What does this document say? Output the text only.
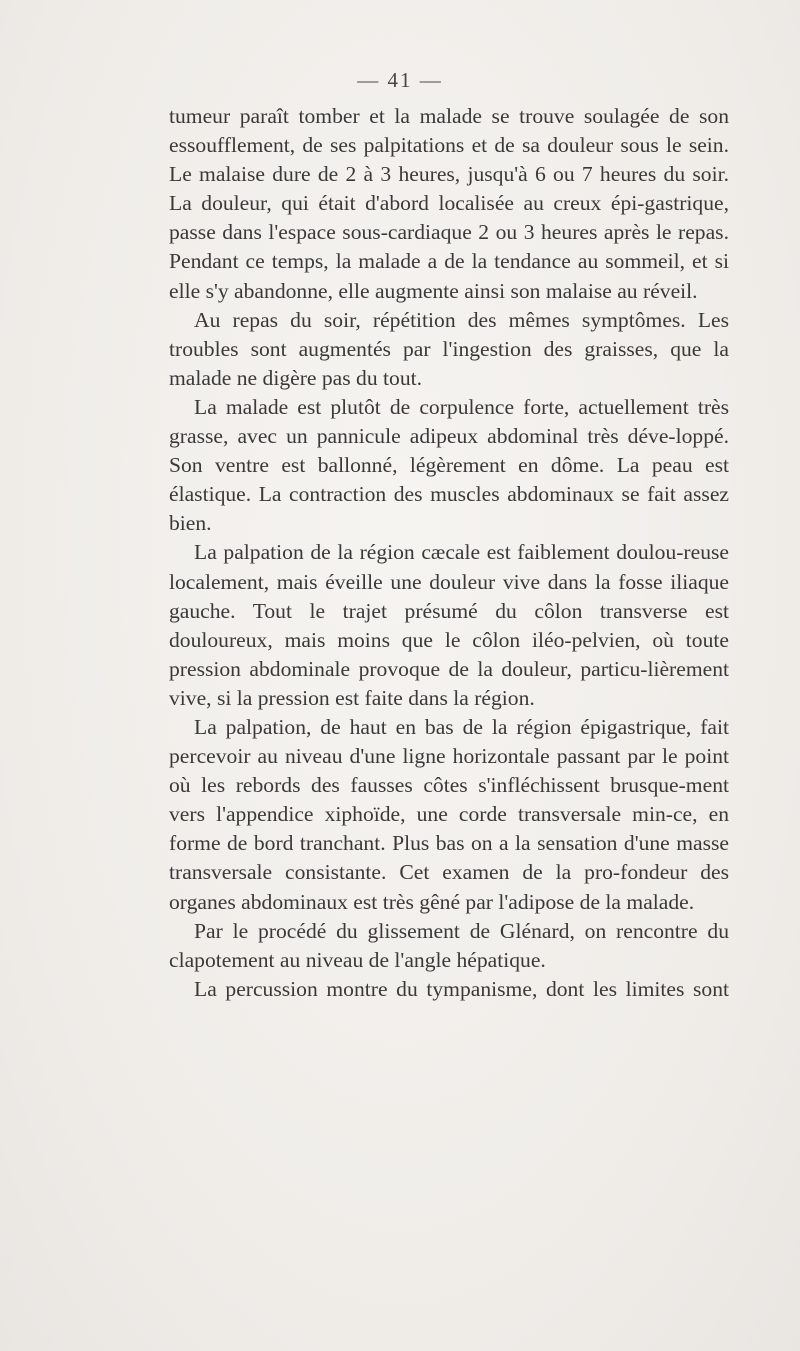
— 41 —

tumeur paraît tomber et la malade se trouve soulagée de son essoufflement, de ses palpitations et de sa douleur sous le sein. Le malaise dure de 2 à 3 heures, jusqu'à 6 ou 7 heures du soir. La douleur, qui était d'abord localisée au creux épi-gastrique, passe dans l'espace sous-cardiaque 2 ou 3 heures après le repas. Pendant ce temps, la malade a de la tendance au sommeil, et si elle s'y abandonne, elle augmente ainsi son malaise au réveil.

Au repas du soir, répétition des mêmes symptômes. Les troubles sont augmentés par l'ingestion des graisses, que la malade ne digère pas du tout.

La malade est plutôt de corpulence forte, actuellement très grasse, avec un pannicule adipeux abdominal très déve-loppé. Son ventre est ballonné, légèrement en dôme. La peau est élastique. La contraction des muscles abdominaux se fait assez bien.

La palpation de la région cæcale est faiblement doulou-reuse localement, mais éveille une douleur vive dans la fosse iliaque gauche. Tout le trajet présumé du côlon transverse est douloureux, mais moins que le côlon iléo-pelvien, où toute pression abdominale provoque de la douleur, particu-lièrement vive, si la pression est faite dans la région.

La palpation, de haut en bas de la région épigastrique, fait percevoir au niveau d'une ligne horizontale passant par le point où les rebords des fausses côtes s'infléchissent brusque-ment vers l'appendice xiphoïde, une corde transversale min-ce, en forme de bord tranchant. Plus bas on a la sensation d'une masse transversale consistante. Cet examen de la pro-fondeur des organes abdominaux est très gêné par l'adipose de la malade.

Par le procédé du glissement de Glénard, on rencontre du clapotement au niveau de l'angle hépatique.

La percussion montre du tympanisme, dont les limites sont
